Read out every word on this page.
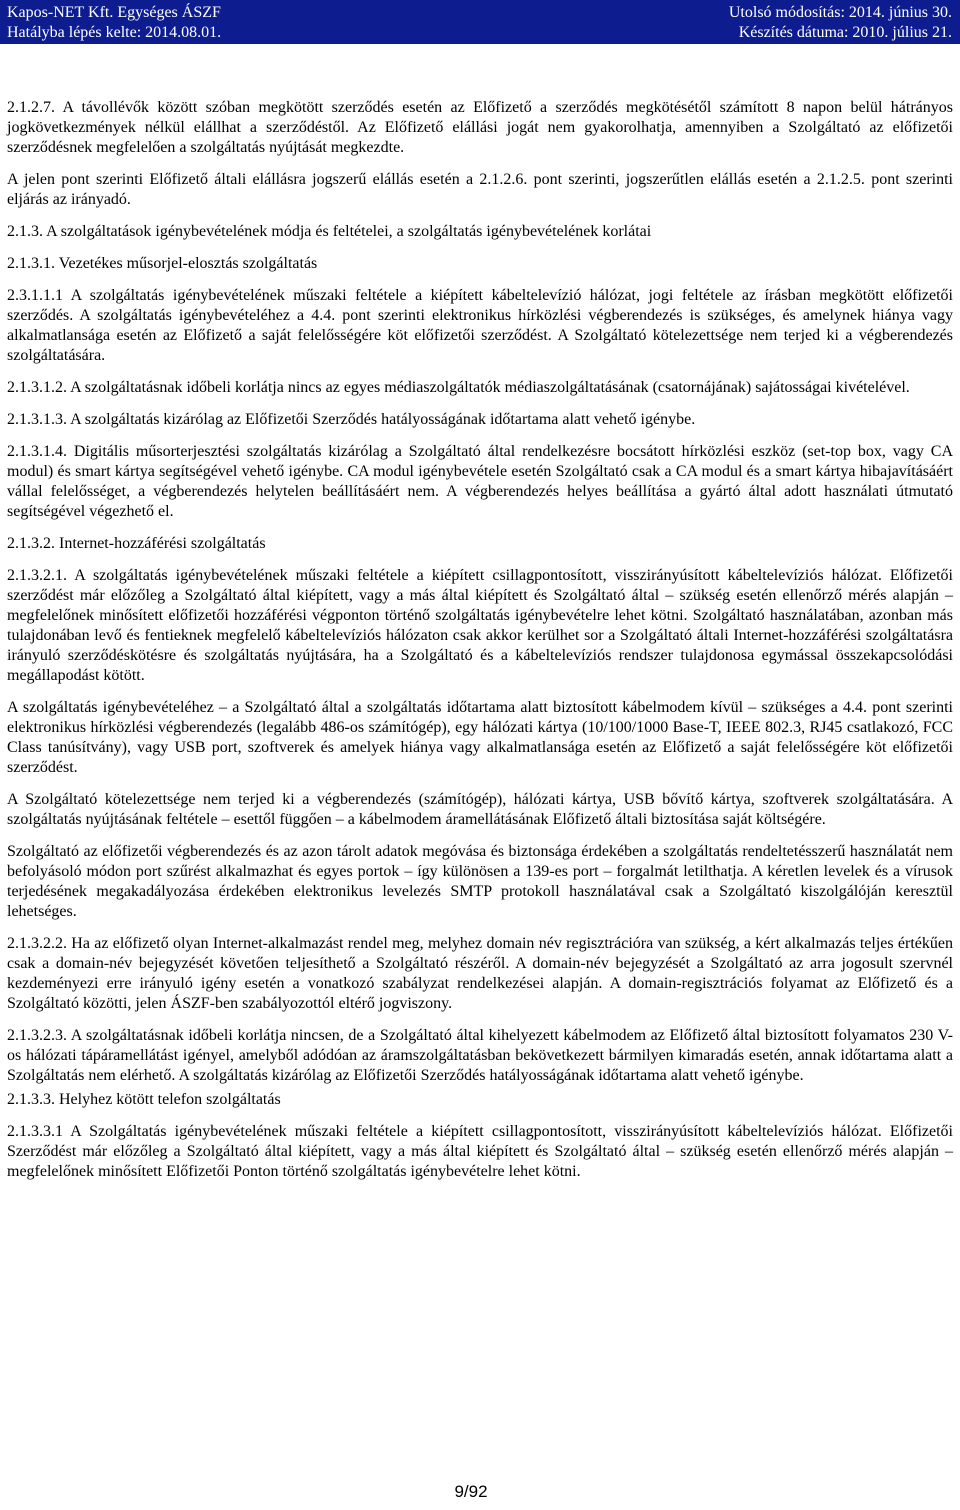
Kapos-NET Kft. Egységes ÁSZF
Hatályba lépés kelte: 2014.08.01.
Utolsó módosítás: 2014. június 30.
Készítés dátuma: 2010. július 21.

2.1.2.7. A távollévők között szóban megkötött szerződés esetén az Előfizető a szerződés megkötésétől számított 8 napon belül hátrányos jogkövetkezmények nélkül elállhat a szerződéstől. Az Előfizető elállási jogát nem gyakorolhatja, amennyiben a Szolgáltató az előfizetői szerződésnek megfelelően a szolgáltatás nyújtását megkezdte.

A jelen pont szerinti Előfizető általi elállásra jogszerű elállás esetén a 2.1.2.6. pont szerinti, jogszerűtlen elállás esetén a 2.1.2.5. pont szerinti eljárás az irányadó.

2.1.3. A szolgáltatások igénybevételének módja és feltételei, a szolgáltatás igénybevételének korlátai

2.1.3.1. Vezetékes műsorjel-elosztás szolgáltatás

2.3.1.1.1 A szolgáltatás igénybevételének műszaki feltétele a kiépített kábeltelevízió hálózat, jogi feltétele az írásban megkötött előfizetői szerződés. A szolgáltatás igénybevételéhez a 4.4. pont szerinti elektronikus hírközlési végberendezés is szükséges, és amelynek hiánya vagy alkalmatlansága esetén az Előfizető a saját felelősségére köt előfizetői szerződést. A Szolgáltató kötelezettsége nem terjed ki a végberendezés szolgáltatására.

2.1.3.1.2. A szolgáltatásnak időbeli korlátja nincs az egyes médiaszolgáltatók médiaszolgáltatásának (csatornájának) sajátosságai kivételével.

2.1.3.1.3. A szolgáltatás kizárólag az Előfizetői Szerződés hatályosságának időtartama alatt vehető igénybe.

2.1.3.1.4. Digitális műsorterjesztési szolgáltatás kizárólag a Szolgáltató által rendelkezésre bocsátott hírközlési eszköz (set-top box, vagy CA modul) és smart kártya segítségével vehető igénybe. CA modul igénybevétele esetén Szolgáltató csak a CA modul és a smart kártya hibajavításáért vállal felelősséget, a végberendezés helytelen beállításáért nem. A végberendezés helyes beállítása a gyártó által adott használati útmutató segítségével végezhető el.

2.1.3.2. Internet-hozzáférési szolgáltatás

2.1.3.2.1. A szolgáltatás igénybevételének műszaki feltétele a kiépített csillagpontosított, visszirányúsított kábeltelevíziós hálózat. Előfizetői szerződést már előzőleg a Szolgáltató által kiépített, vagy a más által kiépített és Szolgáltató által – szükség esetén ellenőrző mérés alapján – megfelelőnek minősített előfizetői hozzáférési végponton történő szolgáltatás igénybevételre lehet kötni. Szolgáltató használatában, azonban más tulajdonában levő és fentieknek megfelelő kábeltelevíziós hálózaton csak akkor kerülhet sor a Szolgáltató általi Internet-hozzáférési szolgáltatásra irányuló szerződéskötésre és szolgáltatás nyújtására, ha a Szolgáltató és a kábeltelevíziós rendszer tulajdonosa egymással összekapcsolódási megállapodást kötött.

A szolgáltatás igénybevételéhez – a Szolgáltató által a szolgáltatás időtartama alatt biztosított kábelmodem kívül – szükséges a 4.4. pont szerinti elektronikus hírközlési végberendezés (legalább 486-os számítógép), egy hálózati kártya (10/100/1000 Base-T, IEEE 802.3, RJ45 csatlakozó, FCC Class tanúsítvány), vagy USB port, szoftverek és amelyek hiánya vagy alkalmatlansága esetén az Előfizető a saját felelősségére köt előfizetői szerződést.

A Szolgáltató kötelezettsége nem terjed ki a végberendezés (számítógép), hálózati kártya, USB bővítő kártya, szoftverek szolgáltatására. A szolgáltatás nyújtásának feltétele – esettől függően – a kábelmodem áramellátásának Előfizető általi biztosítása saját költségére.

Szolgáltató az előfizetői végberendezés és az azon tárolt adatok megóvása és biztonsága érdekében a szolgáltatás rendeltetésszerű használatát nem befolyásoló módon port szűrést alkalmazhat és egyes portok – így különösen a 139-es port – forgalmát letilthatja. A kéretlen levelek és a vírusok terjedésének megakadályozása érdekében elektronikus levelezés SMTP protokoll használatával csak a Szolgáltató kiszolgálóján keresztül lehetséges.

2.1.3.2.2. Ha az előfizető olyan Internet-alkalmazást rendel meg, melyhez domain név regisztrációra van szükség, a kért alkalmazás teljes értékűen csak a domain-név bejegyzését követően teljesíthető a Szolgáltató részéről. A domain-név bejegyzését a Szolgáltató az arra jogosult szervnél kezdeményezi erre irányuló igény esetén a vonatkozó szabályzat rendelkezései alapján. A domain-regisztrációs folyamat az Előfizető és a Szolgáltató közötti, jelen ÁSZF-ben szabályozottól eltérő jogviszony.

2.1.3.2.3. A szolgáltatásnak időbeli korlátja nincsen, de a Szolgáltató által kihelyezett kábelmodem az Előfizető által biztosított folyamatos 230 V-os hálózati tápáramellátást igényel, amelyből adódóan az áramszolgáltatásban bekövetkezett bármilyen kimaradás esetén, annak időtartama alatt a Szolgáltatás nem elérhető. A szolgáltatás kizárólag az Előfizetői Szerződés hatályosságának időtartama alatt vehető igénybe.

2.1.3.3. Helyhez kötött telefon szolgáltatás

2.1.3.3.1 A Szolgáltatás igénybevételének műszaki feltétele a kiépített csillagpontosított, visszirányúsított kábeltelevíziós hálózat. Előfizetői Szerződést már előzőleg a Szolgáltató által kiépített, vagy a más által kiépített és Szolgáltató által – szükség esetén ellenőrző mérés alapján – megfelelőnek minősített Előfizetői Ponton történő szolgáltatás igénybevételre lehet kötni.

9/92
